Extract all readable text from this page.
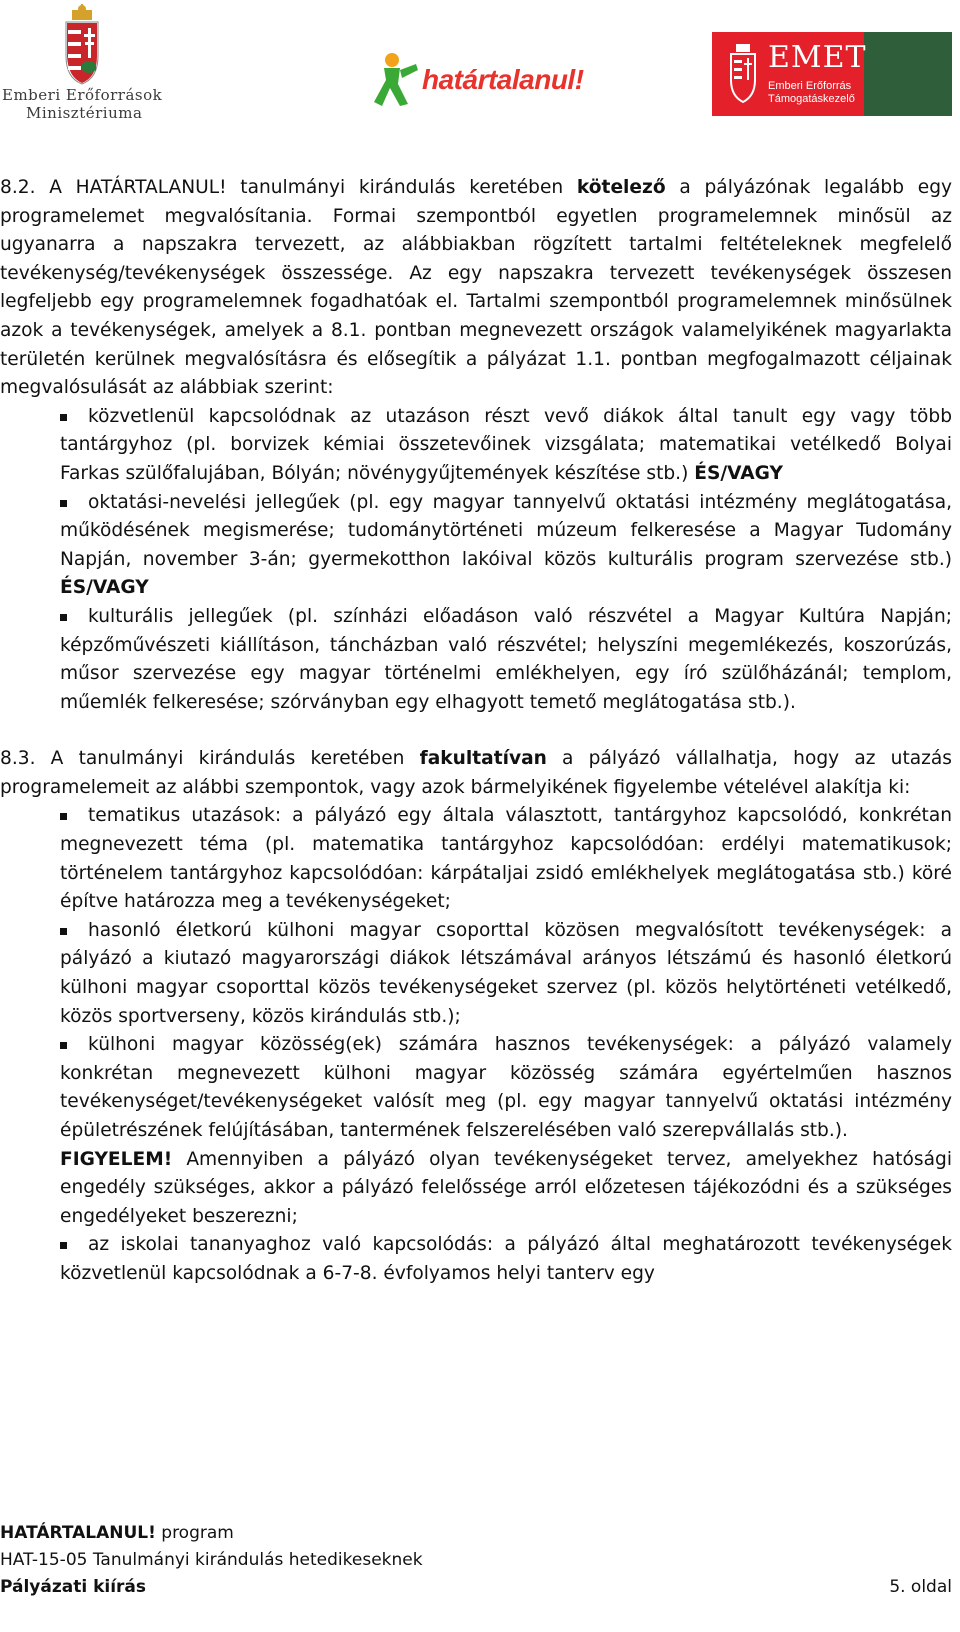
Emberi Erőforrások
Minisztériuma
határtalanul!
EMET
Emberi Erőforrás
Támogatáskezelő

8.2. A HATÁRTALANUL! tanulmányi kirándulás keretében kötelező a pályázónak legalább egy programelemet megvalósítania. Formai szempontból egyetlen programelemnek minősül az ugyanarra a napszakra tervezett, az alábbiakban rögzített tartalmi feltételeknek megfelelő tevékenység/tevékenységek összessége. Az egy napszakra tervezett tevékenységek összesen legfeljebb egy programelemnek fogadhatóak el. Tartalmi szempontból programelemnek minősülnek azok a tevékenységek, amelyek a 8.1. pontban megnevezett országok valamelyikének magyarlakta területén kerülnek megvalósításra és elősegítik a pályázat 1.1. pontban megfogalmazott céljainak megvalósulását az alábbiak szerint:

közvetlenül kapcsolódnak az utazáson részt vevő diákok által tanult egy vagy több tantárgyhoz (pl. borvizek kémiai összetevőinek vizsgálata; matematikai vetélkedő Bolyai Farkas szülőfalujában, Bólyán; növénygyűjtemények készítése stb.) ÉS/VAGY
oktatási-nevelési jellegűek (pl. egy magyar tannyelvű oktatási intézmény meglátogatása, működésének megismerése; tudománytörténeti múzeum felkeresése a Magyar Tudomány Napján, november 3-án; gyermekotthon lakóival közös kulturális program szervezése stb.) ÉS/VAGY
kulturális jellegűek (pl. színházi előadáson való részvétel a Magyar Kultúra Napján; képzőművészeti kiállításon, táncházban való részvétel; helyszíni megemlékezés, koszorúzás, műsor szervezése egy magyar történelmi emlékhelyen, egy író szülőházánál; templom, műemlék felkeresése; szórványban egy elhagyott temető meglátogatása stb.).

8.3. A tanulmányi kirándulás keretében fakultatívan a pályázó vállalhatja, hogy az utazás programelemeit az alábbi szempontok, vagy azok bármelyikének figyelembe vételével alakítja ki:

tematikus utazások: a pályázó egy általa választott, tantárgyhoz kapcsolódó, konkrétan megnevezett téma (pl. matematika tantárgyhoz kapcsolódóan: erdélyi matematikusok; történelem tantárgyhoz kapcsolódóan: kárpátaljai zsidó emlékhelyek meglátogatása stb.) köré építve határozza meg a tevékenységeket;
hasonló életkorú külhoni magyar csoporttal közösen megvalósított tevékenységek: a pályázó a kiutazó magyarországi diákok létszámával arányos létszámú és hasonló életkorú külhoni magyar csoporttal közös tevékenységeket szervez (pl. közös helytörténeti vetélkedő, közös sportverseny, közös kirándulás stb.);
külhoni magyar közösség(ek) számára hasznos tevékenységek: a pályázó valamely konkrétan megnevezett külhoni magyar közösség számára egyértelműen hasznos tevékenységet/tevékenységeket valósít meg (pl. egy magyar tannyelvű oktatási intézmény épületrészének felújításában, tantermének felszerelésében való szerepvállalás stb.).

FIGYELEM! Amennyiben a pályázó olyan tevékenységeket tervez, amelyekhez hatósági engedély szükséges, akkor a pályázó felelőssége arról előzetesen tájékozódni és a szükséges engedélyeket beszerezni;

az iskolai tananyaghoz való kapcsolódás: a pályázó által meghatározott tevékenységek közvetlenül kapcsolódnak a 6-7-8. évfolyamos helyi tanterv egy
HATÁRTALANUL! program
HAT-15-05 Tanulmányi kirándulás hetedikeseknek
Pályázati kiírás	5. oldal
